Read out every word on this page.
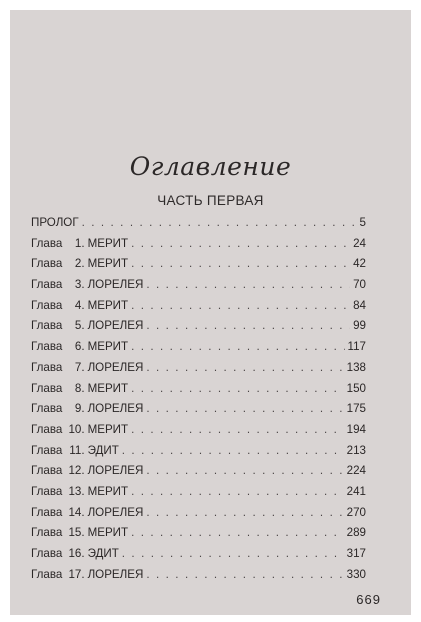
Оглавление
ЧАСТЬ ПЕРВАЯ
ПРОЛОГ . . .	5
Глава 1. МЕРИТ . . .	24
Глава 2. МЕРИТ . . .	42
Глава 3. ЛОРЕЛЕЯ . . .	70
Глава 4. МЕРИТ . . .	84
Глава 5. ЛОРЕЛЕЯ . . .	99
Глава 6. МЕРИТ . . .	117
Глава 7. ЛОРЕЛЕЯ . . .	138
Глава 8. МЕРИТ . . .	150
Глава 9. ЛОРЕЛЕЯ . . .	175
Глава 10. МЕРИТ . . .	194
Глава 11. ЭДИТ . . .	213
Глава 12. ЛОРЕЛЕЯ . . .	224
Глава 13. МЕРИТ . . .	241
Глава 14. ЛОРЕЛЕЯ . . .	270
Глава 15. МЕРИТ . . .	289
Глава 16. ЭДИТ . . .	317
Глава 17. ЛОРЕЛЕЯ . . .	330
669
